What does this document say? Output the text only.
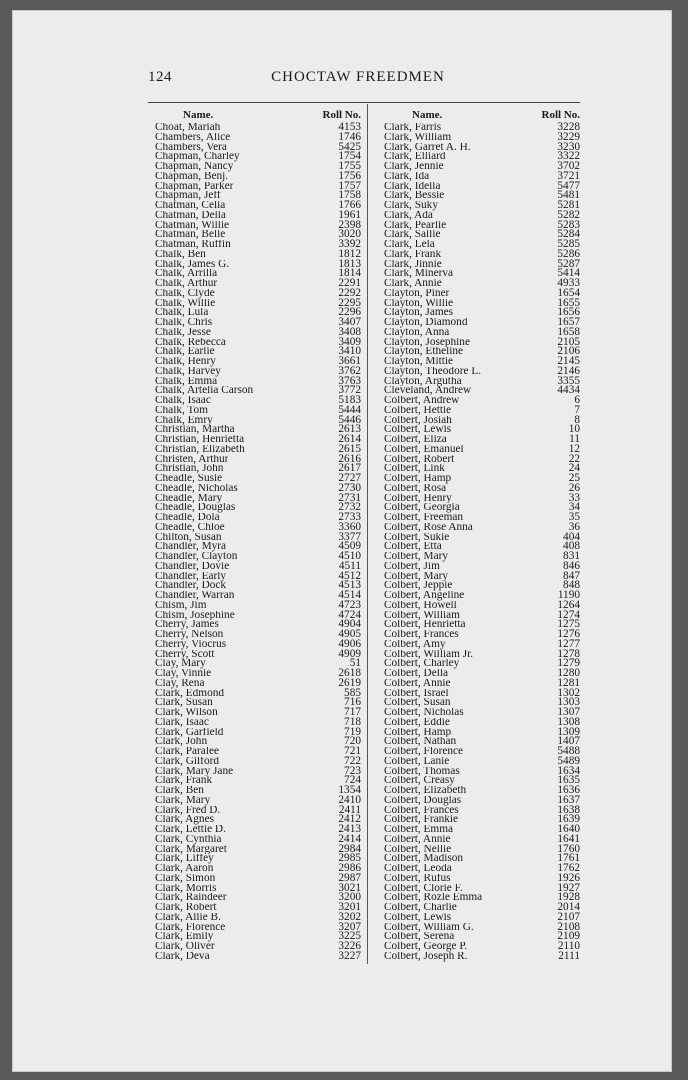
124	CHOCTAW FREEDMEN
Name.	Roll No.
Choat, Mariah	4153
Chambers, Alice	1746
Chambers, Vera	5425
Chapman, Charley	1754
Chapman, Nancy	1755
Chapman, Benj.	1756
Chapman, Parker	1757
Chapman, Jeff	1758
Chatman, Celia	1766
Chatman, Della	1961
Chatman, Willie	2398
Chatman, Belle	3020
Chatman, Ruffin	3392
Chalk, Ben	1812
Chalk, James G.	1813
Chalk, Arrilla	1814
Chalk, Arthur	2291
Chalk, Clyde	2292
Chalk, Willie	2295
Chalk, Lula	2296
Chalk, Chris	3407
Chalk, Jesse	3408
Chalk, Rebecca	3409
Chalk, Earlie	3410
Chalk, Henry	3661
Chalk, Harvey	3762
Chalk, Emma	3763
Chalk, Artelia Carson	3772
Chalk, Isaac	5183
Chalk, Tom	5444
Chalk, Emry	5446
Christian, Martha	2613
Christian, Henrietta	2614
Christian, Elizabeth	2615
Christen, Arthur	2616
Christian, John	2617
Cheadle, Susie	2727
Cheadle, Nicholas	2730
Cheadle, Mary	2731
Cheadle, Douglas	2732
Cheadle, Dola	2733
Cheadle, Chloe	3360
Chilton, Susan	3377
Chandler, Myra	4509
Chandler, Clayton	4510
Chandler, Dovie	4511
Chandler, Early	4512
Chandler, Dock	4513
Chandler, Warran	4514
Chism, Jim	4723
Chism, Josephine	4724
Cherry, James	4904
Cherry, Nelson	4905
Cherry, Viocrus	4906
Cherry, Scott	4909
Clay, Mary	51
Clay, Vinnie	2618
Clay, Rena	2619
Clark, Edmond	585
Clark, Susan	716
Clark, Wilson	717
Clark, Isaac	718
Clark, Garfield	719
Clark, John	720
Clark, Paralee	721
Clark, Gilford	722
Clark, Mary Jane	723
Clark, Frank	724
Clark, Ben	1354
Clark, Mary	2410
Clark, Fred D.	2411
Clark, Agnes	2412
Clark, Lettie D.	2413
Clark, Cynthia	2414
Clark, Margaret	2984
Clark, Liffey	2985
Clark, Aaron	2986
Clark, Simon	2987
Clark, Morris	3021
Clark, Raindeer	3200
Clark, Robert	3201
Clark, Allie B.	3202
Clark, Florence	3207
Clark, Emily	3225
Clark, Oliver	3226
Clark, Deva	3227
Name.	Roll No.
Clark, Farris	3228
Clark, William	3229
Clark, Garret A. H.	3230
Clark, Elliard	3322
Clark, Jennie	3702
Clark, Ida	3721
Clark, Idella	5477
Clark, Bessie	5481
Clark, Suky	5281
Clark, Ada	5282
Clark, Pearlie	5283
Clark, Sallie	5284
Clark, Lela	5285
Clark, Frank	5286
Clark, Jinnie	5287
Clark, Minerva	5414
Clark, Annie	4933
Clayton, Piner	1654
Clayton, Willie	1655
Clayton, James	1656
Clayton, Diamond	1657
Clayton, Anna	1658
Clayton, Josephine	2105
Clayton, Etheline	2106
Clayton, Mittie	2145
Clayton, Theodore L.	2146
Clayton, Argutha	3355
Cleveland, Andrew	4434
Colbert, Andrew	6
Colbert, Hettie	7
Colbert, Josiah	8
Colbert, Lewis	10
Colbert, Eliza	11
Colbert, Emanuel	12
Colbert, Robert	22
Colbert, Link	24
Colbert, Hamp	25
Colbert, Rosa	26
Colbert, Henry	33
Colbert, Georgia	34
Colbert, Freeman	35
Colbert, Rose Anna	36
Colbert, Sukie	404
Colbert, Etta	408
Colbert, Mary	831
Colbert, Jim	846
Colbert, Mary	847
Colbert, Jeppie	848
Colbert, Angeline	1190
Colbert, Howell	1264
Colbert, William	1274
Colbert, Henrietta	1275
Colbert, Frances	1276
Colbert, Amy	1277
Colbert, William Jr.	1278
Colbert, Charley	1279
Colbert, Della	1280
Colbert, Annie	1281
Colbert, Israel	1302
Colbert, Susan	1303
Colbert, Nicholas	1307
Colbert, Eddie	1308
Colbert, Hamp	1309
Colbert, Nathan	1407
Colbert, Florence	5488
Colbert, Lanie	5489
Colbert, Thomas	1634
Colbert, Creasy	1635
Colbert, Elizabeth	1636
Colbert, Douglas	1637
Colbert, Frances	1638
Colbert, Frankie	1639
Colbert, Emma	1640
Colbert, Annie	1641
Colbert, Nellie	1760
Colbert, Madison	1761
Colbert, Leoda	1762
Colbert, Rufus	1926
Colbert, Clorie F.	1927
Colbert, Rozle Emma	1928
Colbert, Charlie	2014
Colbert, Lewis	2107
Colbert, William G.	2108
Colbert, Serena	2109
Colbert, George P.	2110
Colbert, Joseph R.	2111
